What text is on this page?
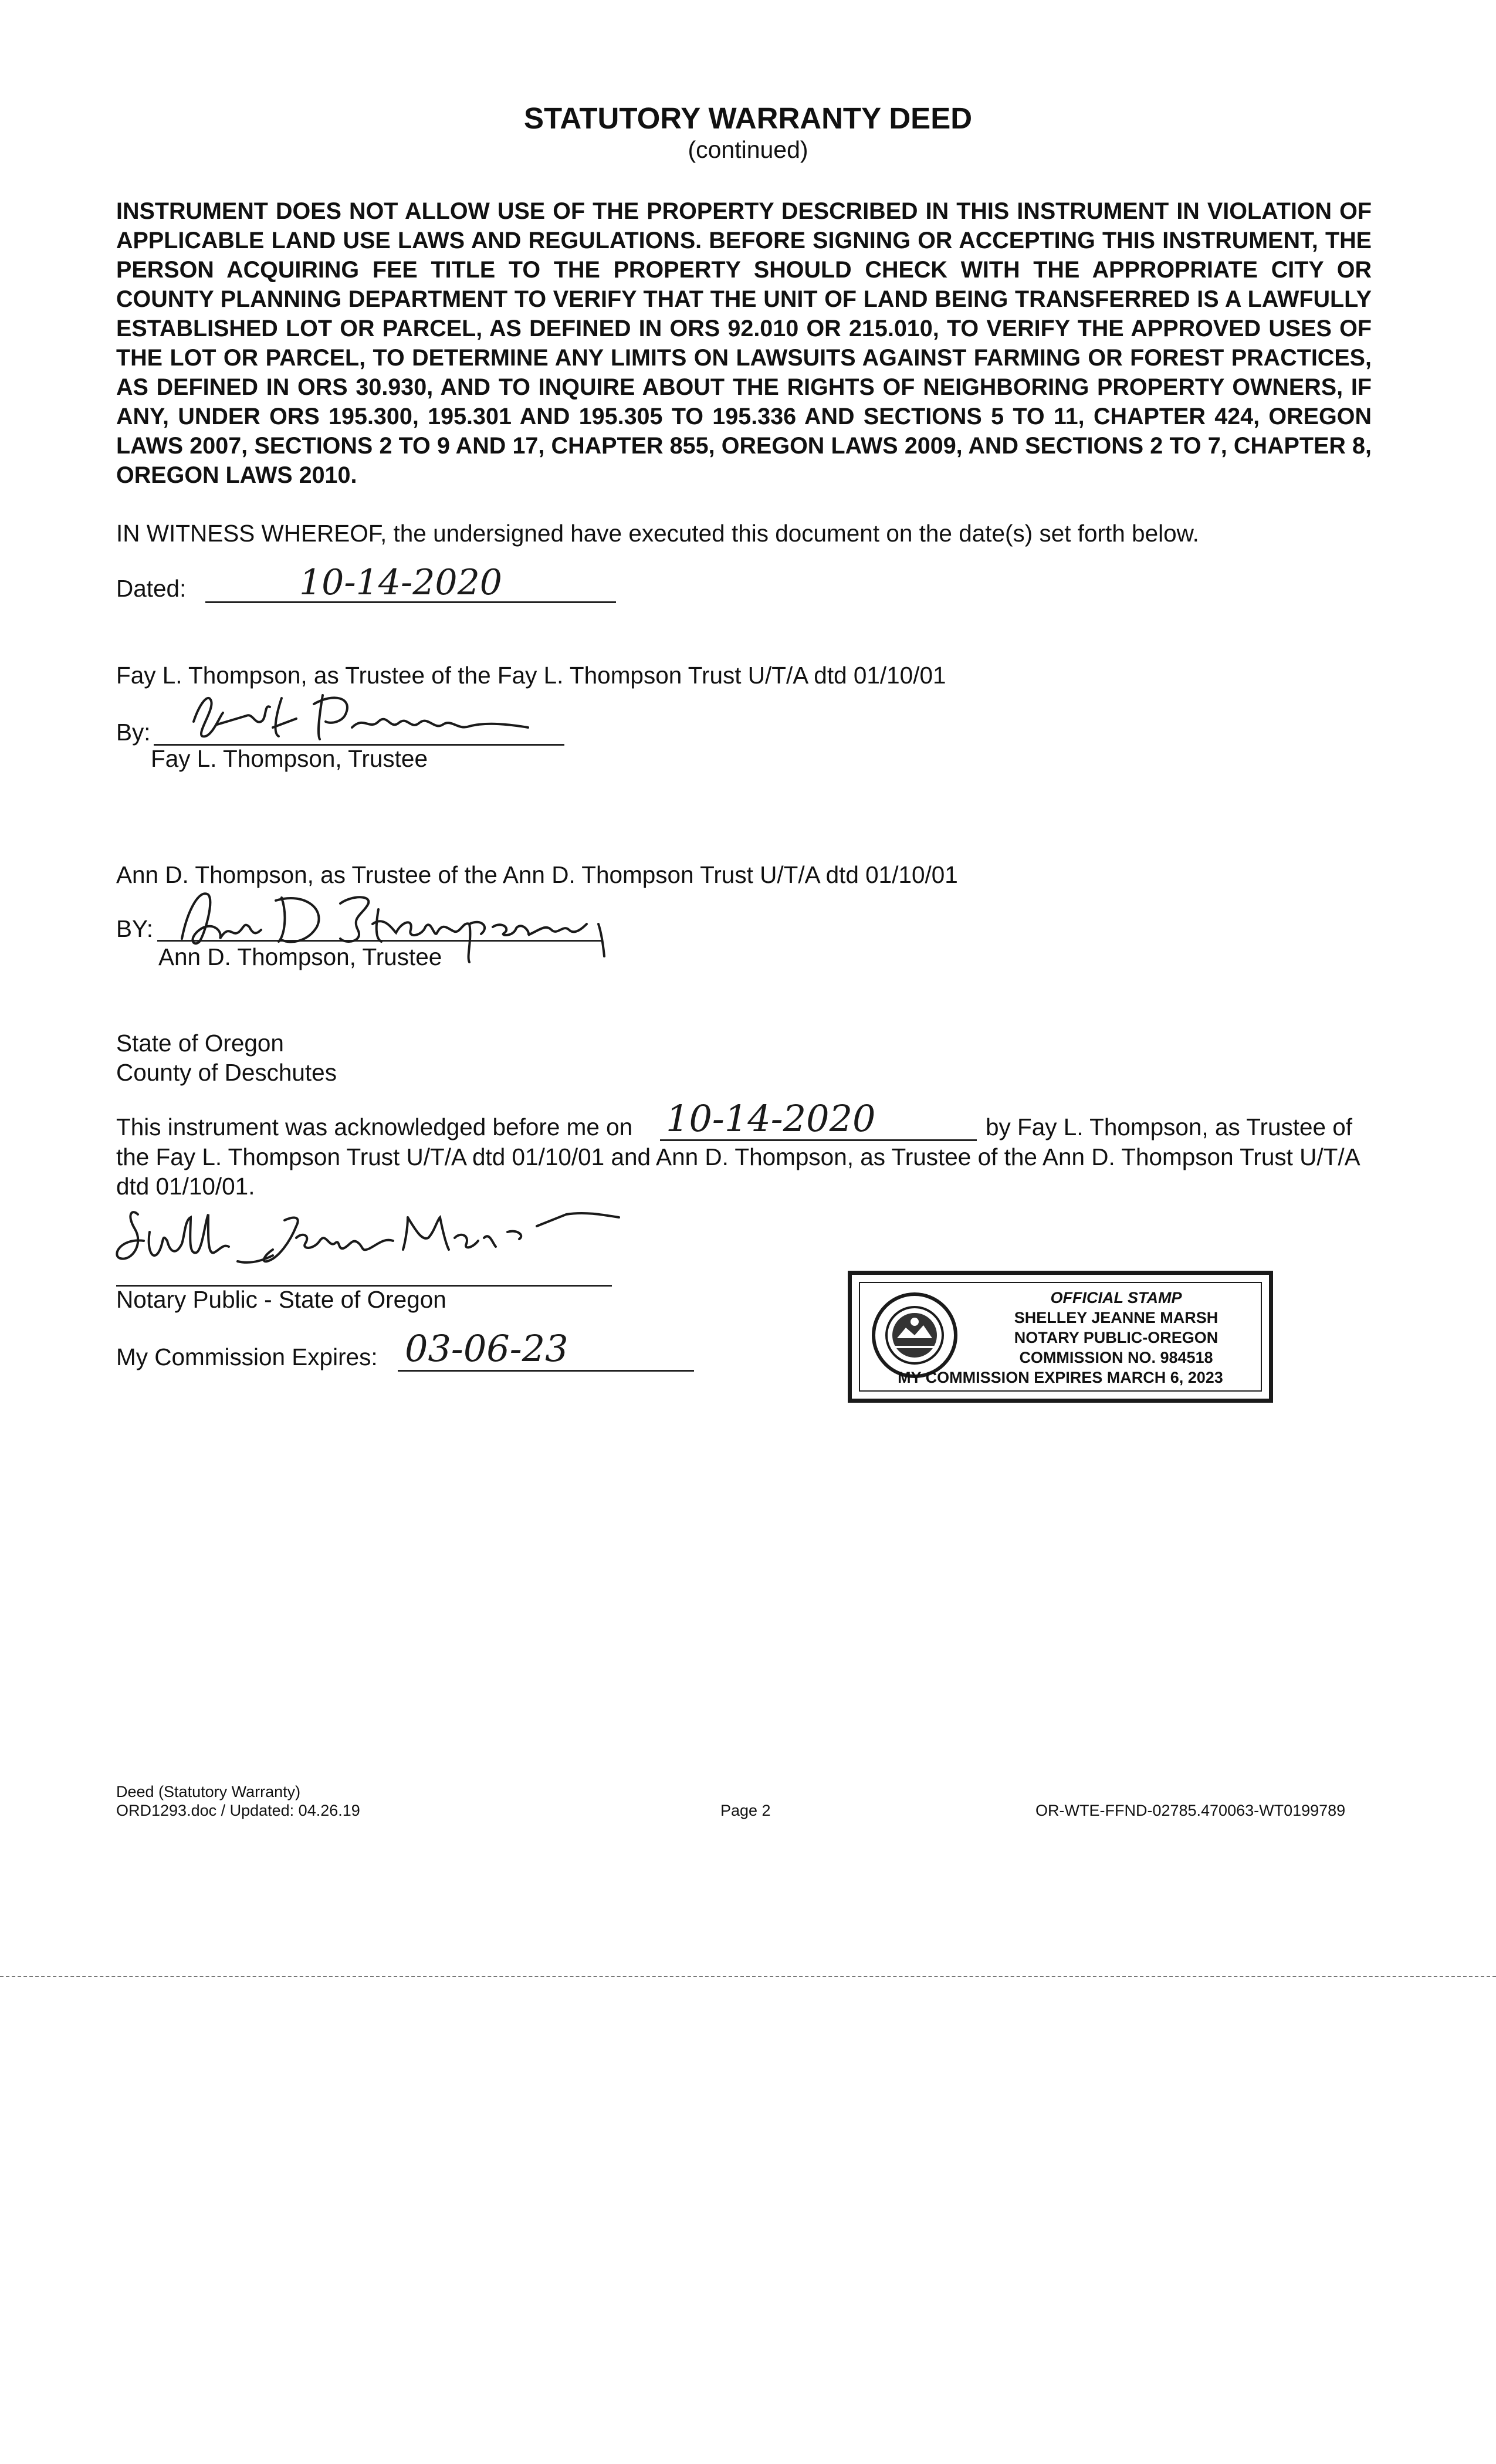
STATUTORY WARRANTY DEED
(continued)

INSTRUMENT DOES NOT ALLOW USE OF THE PROPERTY DESCRIBED IN THIS INSTRUMENT IN VIOLATION OF APPLICABLE LAND USE LAWS AND REGULATIONS. BEFORE SIGNING OR ACCEPTING THIS INSTRUMENT, THE PERSON ACQUIRING FEE TITLE TO THE PROPERTY SHOULD CHECK WITH THE APPROPRIATE CITY OR COUNTY PLANNING DEPARTMENT TO VERIFY THAT THE UNIT OF LAND BEING TRANSFERRED IS A LAWFULLY ESTABLISHED LOT OR PARCEL, AS DEFINED IN ORS 92.010 OR 215.010, TO VERIFY THE APPROVED USES OF THE LOT OR PARCEL, TO DETERMINE ANY LIMITS ON LAWSUITS AGAINST FARMING OR FOREST PRACTICES, AS DEFINED IN ORS 30.930, AND TO INQUIRE ABOUT THE RIGHTS OF NEIGHBORING PROPERTY OWNERS, IF ANY, UNDER ORS 195.300, 195.301 AND 195.305 TO 195.336 AND SECTIONS 5 TO 11, CHAPTER 424, OREGON LAWS 2007, SECTIONS 2 TO 9 AND 17, CHAPTER 855, OREGON LAWS 2009, AND SECTIONS 2 TO 7, CHAPTER 8, OREGON LAWS 2010.

IN WITNESS WHEREOF, the undersigned have executed this document on the date(s) set forth below.
Dated:	10-14-2020
Fay L. Thompson, as Trustee of the Fay L. Thompson Trust U/T/A dtd 01/10/01
By:
Fay L. Thompson, Trustee
Ann D. Thompson, as Trustee of the Ann D. Thompson Trust U/T/A dtd 01/10/01
BY:
Ann D. Thompson, Trustee
State of Oregon
County of Deschutes
This instrument was acknowledged before me on 10-14-2020	by Fay L. Thompson, as Trustee of

the Fay L. Thompson Trust U/T/A dtd 01/10/01 and Ann D. Thompson, as Trustee of the Ann D. Thompson Trust U/T/A dtd 01/10/01.

Notary Public - State of Oregon
My Commission Expires: 03-06-23
OFFICIAL STAMP
SHELLEY JEANNE MARSH
NOTARY PUBLIC-OREGON
COMMISSION NO. 984518
MY COMMISSION EXPIRES MARCH 6, 2023
Deed (Statutory Warranty)
ORD1293.doc / Updated: 04.26.19	Page 2	OR-WTE-FFND-02785.470063-WT0199789
